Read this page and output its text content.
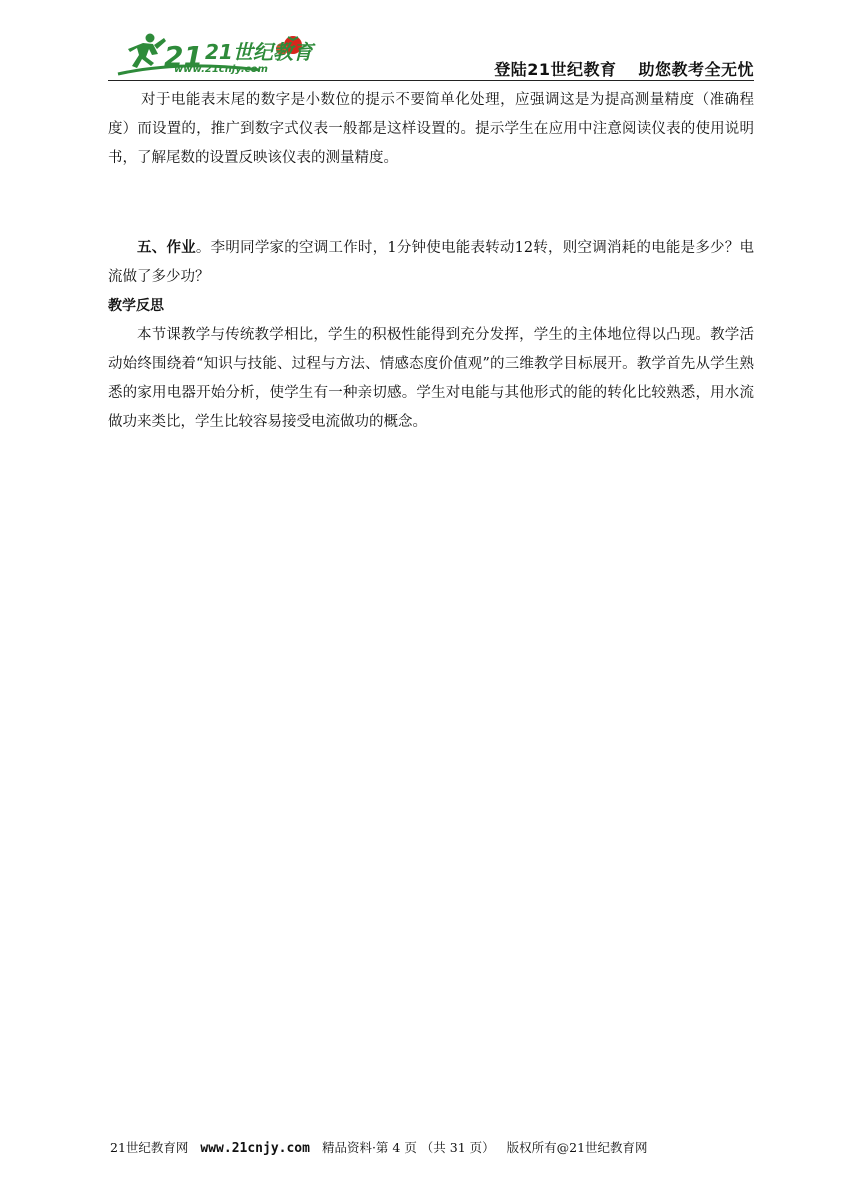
21 21世纪教育
www.21cnjy.com	登陆21世纪教育 助您教考全无忧

对于电能表末尾的数字是小数位的提示不要简单化处理，应强调这是为提高测量精度（准确程度）而设置的，推广到数字式仪表一般都是这样设置的。提示学生在应用中注意阅读仪表的使用说明书，了解尾数的设置反映该仪表的测量精度。

五、作业。李明同学家的空调工作时，1分钟使电能表转动12转，则空调消耗的电能是多少？电流做了多少功？

教学反思

本节课教学与传统教学相比，学生的积极性能得到充分发挥，学生的主体地位得以凸现。教学活动始终围绕着“知识与技能、过程与方法、情感态度价值观”的三维教学目标展开。教学首先从学生熟悉的家用电器开始分析，使学生有一种亲切感。学生对电能与其他形式的能的转化比较熟悉，用水流做功来类比，学生比较容易接受电流做功的概念。

21世纪教育网 www.21cnjy.com 精品资料·第 4 页 （共 31 页） 版权所有@21世纪教育网
